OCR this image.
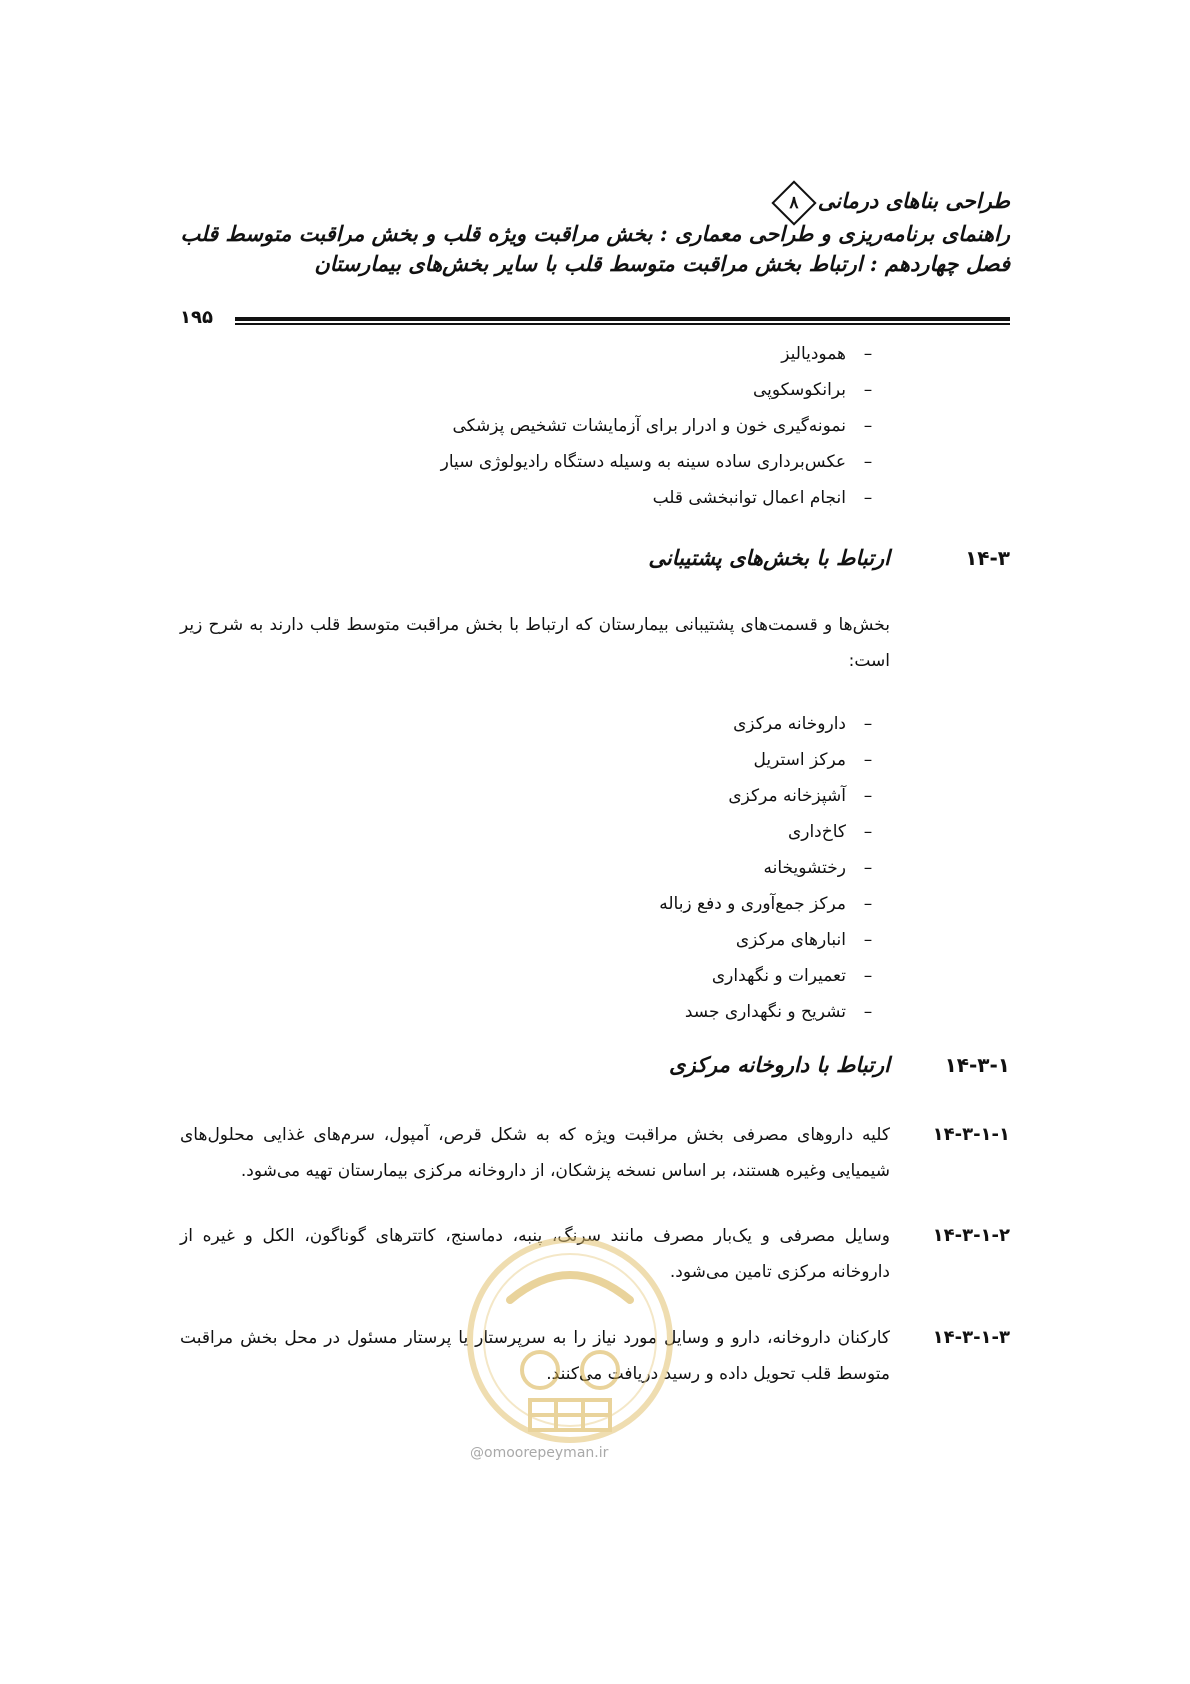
طراحی بناهای درمانی
۸
راهنمای برنامه‌ریزی و طراحی معماری : بخش مراقبت ویژه قلب و بخش مراقبت متوسط قلب
فصل چهاردهم : ارتباط بخش مراقبت متوسط قلب با سایر بخش‌های بیمارستان
۱۹۵
–همودیالیز
–برانکوسکوپی
–نمونه‌گیری خون و ادرار برای آزمایشات تشخیص پزشکی
–عکس‌برداری ساده سینه به وسیله دستگاه رادیولوژی سیار
–انجام اعمال توانبخشی قلب
۱۴-۳
ارتباط با بخش‌های پشتیبانی
بخش‌ها و قسمت‌های پشتیبانی بیمارستان که ارتباط با بخش مراقبت متوسط قلب دارند به شرح زیر است:
–داروخانه مرکزی
–مرکز استریل
–آشپزخانه مرکزی
–کاخ‌داری
–رختشویخانه
–مرکز جمع‌آوری و دفع زباله
–انبارهای مرکزی
–تعمیرات و نگهداری
–تشریح و نگهداری جسد
۱۴-۳-۱
ارتباط با داروخانه مرکزی
۱۴-۳-۱-۱
کلیه داروهای مصرفی بخش مراقبت ویژه که به شکل قرص، آمپول، سرم‌های غذایی محلول‌های شیمیایی وغیره هستند، بر اساس نسخه پزشکان، از داروخانه مرکزی بیمارستان تهیه می‌شود.
۱۴-۳-۱-۲
وسایل مصرفی و یک‌بار مصرف مانند سرنگ، پنبه، دماسنج، کاتترهای گوناگون، الکل و غیره از داروخانه مرکزی تامین می‌شود.
۱۴-۳-۱-۳
کارکنان داروخانه، دارو و وسایل مورد نیاز را به سرپرستار یا پرستار مسئول در محل بخش مراقبت متوسط قلب تحویل داده و رسید دریافت می‌کنند.
@omoorepeyman.ir
